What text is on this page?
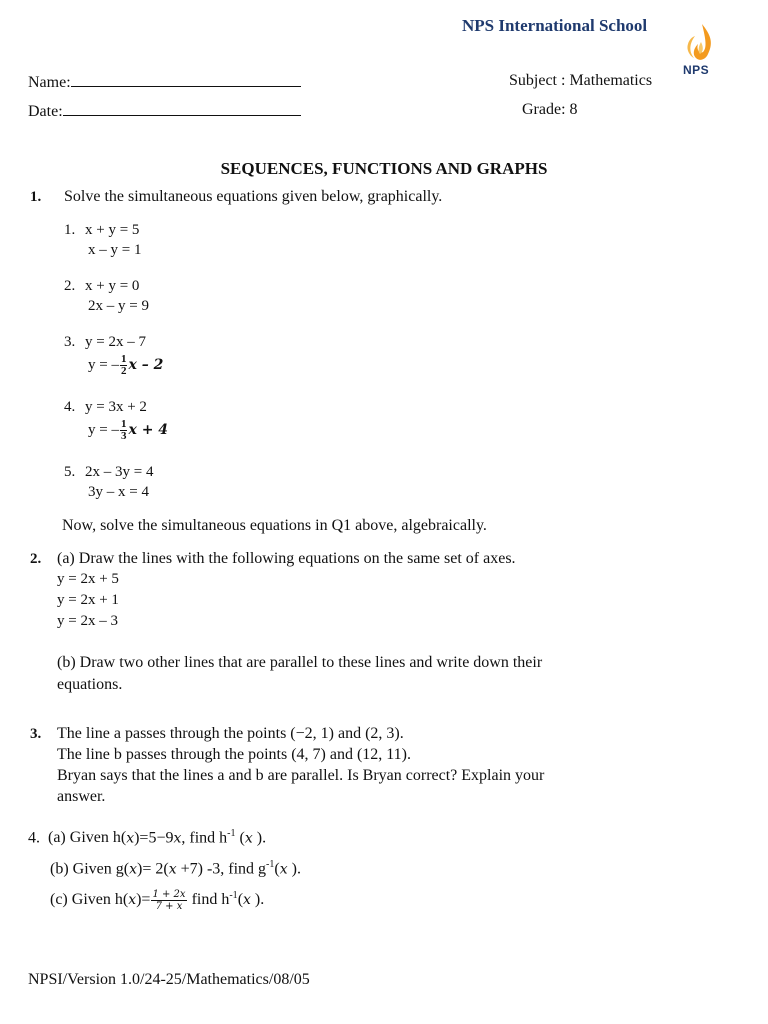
NPS International School
NPS
Name:
Date:
Subject : Mathematics
Grade: 8
SEQUENCES, FUNCTIONS AND GRAPHS
1. Solve the simultaneous equations given below, graphically.
1. x + y = 5
x – y = 1
2. x + y = 0
2x – y = 9
3. y = 2x – 7
y = – $\frac{1}{2}$ x – 2
4. y = 3x + 2
y = – $\frac{1}{3}$ x + 4
5. 2x – 3y = 4
3y – x = 4
Now, solve the simultaneous equations in Q1 above, algebraically.
2. (a) Draw the lines with the following equations on the same set of axes.
y = 2x + 5
y = 2x + 1
y = 2x – 3
(b) Draw two other lines that are parallel to these lines and write down their
equations.
3. The line a passes through the points (−2, 1) and (2, 3).
The line b passes through the points (4, 7) and (12, 11).
Bryan says that the lines a and b are parallel. Is Bryan correct? Explain your
answer.
4. (a) Given h(x)=5−9x, find $h^{-1}$ (x ).
(b) Given g(x)= 2(x +7) -3, find $g^{-1}(x$ ).
(c) Given $h(x)= \frac{1 + 2x}{7 + x}$ find $h^{-1}(x$ ).
NPSI/Version 1.0/24-25/Mathematics/08/05
